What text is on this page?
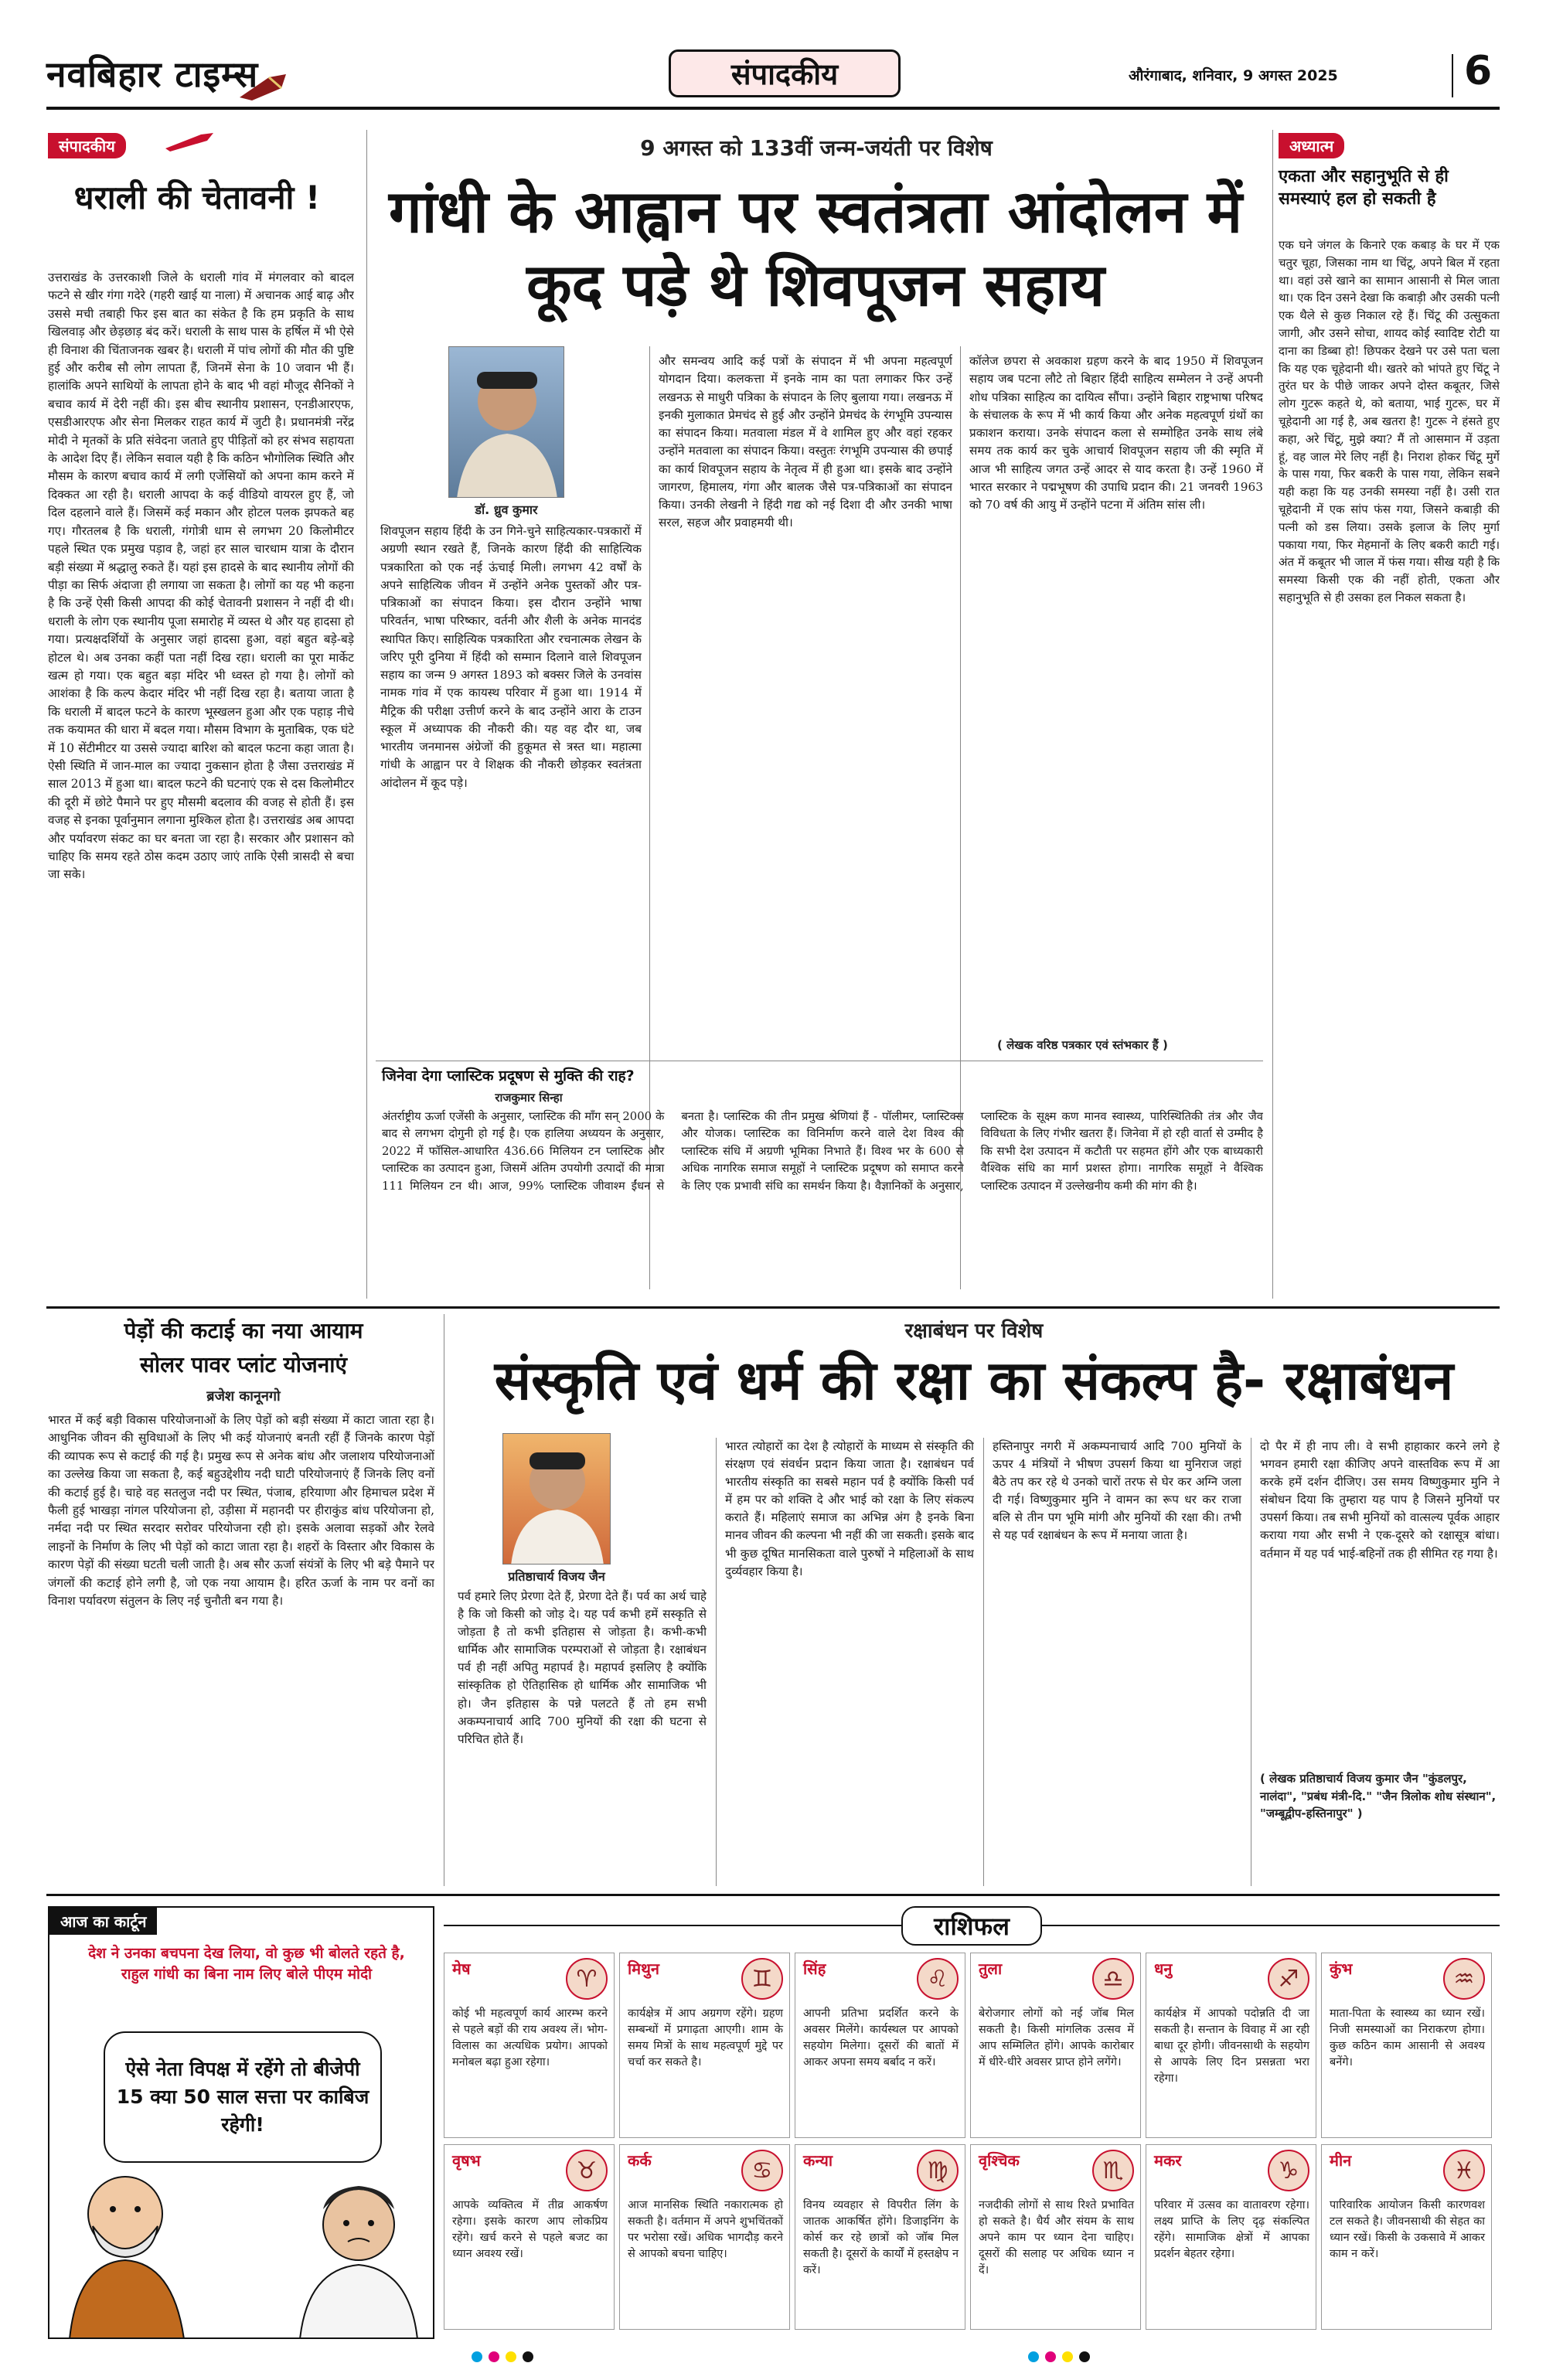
नवबिहार टाइम्स	संपादकीय	औरंगाबाद, शनिवार, 9 अगस्त 2025	6
संपादकीय
धराली की चेतावनी !
उत्तराखंड के उत्तरकाशी जिले के धराली गांव में मंगलवार को बादल फटने से खीर गंगा गदेरे (गहरी खाई या नाला) में अचानक आई बाढ़ और उससे मची तबाही फिर इस बात का संकेत है कि हम प्रकृति के साथ खिलवाड़ और छेड़छाड़ बंद करें। धराली के साथ पास के हर्षिल में भी ऐसे ही विनाश की चिंताजनक खबर है। धराली में पांच लोगों की मौत की पुष्टि हुई और करीब सौ लोग लापता हैं, जिनमें सेना के 10 जवान भी हैं। हालांकि अपने साथियों के लापता होने के बाद भी वहां मौजूद सैनिकों ने बचाव कार्य में देरी नहीं की। इस बीच स्थानीय प्रशासन, एनडीआरएफ, एसडीआरएफ और सेना मिलकर राहत कार्य में जुटी है। प्रधानमंत्री नरेंद्र मोदी ने मृतकों के प्रति संवेदना जताते हुए पीड़ितों को हर संभव सहायता के आदेश दिए हैं। लेकिन सवाल यही है कि कठिन भौगोलिक स्थिति और मौसम के कारण बचाव कार्य में लगी एजेंसियों को अपना काम करने में दिक्कत आ रही है। धराली आपदा के कई वीडियो वायरल हुए हैं, जो दिल दहलाने वाले हैं। जिसमें कई मकान और होटल पलक झपकते बह गए। गौरतलब है कि धराली, गंगोत्री धाम से लगभग 20 किलोमीटर पहले स्थित एक प्रमुख पड़ाव है, जहां हर साल चारधाम यात्रा के दौरान बड़ी संख्या में श्रद्धालु रुकते हैं। यहां इस हादसे के बाद स्थानीय लोगों की पीड़ा का सिर्फ अंदाजा ही लगाया जा सकता है। लोगों का यह भी कहना है कि उन्हें ऐसी किसी आपदा की कोई चेतावनी प्रशासन ने नहीं दी थी। धराली के लोग एक स्थानीय पूजा समारोह में व्यस्त थे और यह हादसा हो गया। प्रत्यक्षदर्शियों के अनुसार जहां हादसा हुआ, वहां बहुत बड़े-बड़े होटल थे। अब उनका कहीं पता नहीं दिख रहा। धराली का पूरा मार्केट खत्म हो गया। एक बहुत बड़ा मंदिर भी ध्वस्त हो गया है। लोगों को आशंका है कि कल्प केदार मंदिर भी नहीं दिख रहा है। बताया जाता है कि धराली में बादल फटने के कारण भूस्खलन हुआ और एक पहाड़ नीचे तक कयामत की धारा में बदल गया। मौसम विभाग के मुताबिक, एक घंटे में 10 सेंटीमीटर या उससे ज्यादा बारिश को बादल फटना कहा जाता है। ऐसी स्थिति में जान-माल का ज्यादा नुकसान होता है जैसा उत्तराखंड में साल 2013 में हुआ था। बादल फटने की घटनाएं एक से दस किलोमीटर की दूरी में छोटे पैमाने पर हुए मौसमी बदलाव की वजह से होती हैं। इस वजह से इनका पूर्वानुमान लगाना मुश्किल होता है। उत्तराखंड अब आपदा और पर्यावरण संकट का घर बनता जा रहा है। सरकार और प्रशासन को चाहिए कि समय रहते ठोस कदम उठाए जाएं ताकि ऐसी त्रासदी से बचा जा सके।
9 अगस्त को 133वीं जन्म-जयंती पर विशेष
गांधी के आह्वान पर स्वतंत्रता आंदोलन में कूद पड़े थे शिवपूजन सहाय
डॉ. ध्रुव कुमार
शिवपूजन सहाय हिंदी के उन गिने-चुने साहित्यकार-पत्रकारों में अग्रणी स्थान रखते हैं, जिनके कारण हिंदी की साहित्यिक पत्रकारिता को एक नई ऊंचाई मिली। लगभग 42 वर्षों के अपने साहित्यिक जीवन में उन्होंने अनेक पुस्तकों और पत्र-पत्रिकाओं का संपादन किया। इस दौरान उन्होंने भाषा परिवर्तन, भाषा परिष्कार, वर्तनी और शैली के अनेक मानदंड स्थापित किए। साहित्यिक पत्रकारिता और रचनात्मक लेखन के जरिए पूरी दुनिया में हिंदी को सम्मान दिलाने वाले शिवपूजन सहाय का जन्म 9 अगस्त 1893 को बक्सर जिले के उनवांस नामक गांव में एक कायस्थ परिवार में हुआ था। 1914 में मैट्रिक की परीक्षा उत्तीर्ण करने के बाद उन्होंने आरा के टाउन स्कूल में अध्यापक की नौकरी की। यह वह दौर था, जब भारतीय जनमानस अंग्रेजों की हुकूमत से त्रस्त था। महात्मा गांधी के आह्वान पर वे शिक्षक की नौकरी छोड़कर स्वतंत्रता आंदोलन में कूद पड़े।
और समन्वय आदि कई पत्रों के संपादन में भी अपना महत्वपूर्ण योगदान दिया। कलकत्ता में इनके नाम का पता लगाकर फिर उन्हें लखनऊ से माधुरी पत्रिका के संपादन के लिए बुलाया गया। लखनऊ में इनकी मुलाकात प्रेमचंद से हुई और उन्होंने प्रेमचंद के रंगभूमि उपन्यास का संपादन किया। मतवाला मंडल में वे शामिल हुए और वहां रहकर उन्होंने मतवाला का संपादन किया। वस्तुतः रंगभूमि उपन्यास की छपाई का कार्य शिवपूजन सहाय के नेतृत्व में ही हुआ था। इसके बाद उन्होंने जागरण, हिमालय, गंगा और बालक जैसे पत्र-पत्रिकाओं का संपादन किया। उनकी लेखनी ने हिंदी गद्य को नई दिशा दी और उनकी भाषा सरल, सहज और प्रवाहमयी थी।
कॉलेज छपरा से अवकाश ग्रहण करने के बाद 1950 में शिवपूजन सहाय जब पटना लौटे तो बिहार हिंदी साहित्य सम्मेलन ने उन्हें अपनी शोध पत्रिका साहित्य का दायित्व सौंपा। उन्होंने बिहार राष्ट्रभाषा परिषद के संचालक के रूप में भी कार्य किया और अनेक महत्वपूर्ण ग्रंथों का प्रकाशन कराया। उनके संपादन कला से सम्मोहित उनके साथ लंबे समय तक कार्य कर चुके आचार्य शिवपूजन सहाय जी की स्मृति में आज भी साहित्य जगत उन्हें आदर से याद करता है। उन्हें 1960 में भारत सरकार ने पद्मभूषण की उपाधि प्रदान की। 21 जनवरी 1963 को 70 वर्ष की आयु में उन्होंने पटना में अंतिम सांस ली।
( लेखक वरिष्ठ पत्रकार एवं स्तंभकार हैं )
जिनेवा देगा प्लास्टिक प्रदूषण से मुक्ति की राह?
राजकुमार सिन्हा
अंतर्राष्ट्रीय ऊर्जा एजेंसी के अनुसार, प्लास्टिक की माँग सन् 2000 के बाद से लगभग दोगुनी हो गई है। एक हालिया अध्ययन के अनुसार, 2022 में फॉसिल-आधारित 436.66 मिलियन टन प्लास्टिक और प्लास्टिक का उत्पादन हुआ, जिसमें अंतिम उपयोगी उत्पादों की मात्रा 111 मिलियन टन थी। आज, 99% प्लास्टिक जीवाश्म ईंधन से बनता है। प्लास्टिक की तीन प्रमुख श्रेणियां हैं - पॉलीमर, प्लास्टिक्स और योजक। प्लास्टिक का विनिर्माण करने वाले देश विश्व की प्लास्टिक संधि में अग्रणी भूमिका निभाते हैं। विश्व भर के 600 से अधिक नागरिक समाज समूहों ने प्लास्टिक प्रदूषण को समाप्त करने के लिए एक प्रभावी संधि का समर्थन किया है। वैज्ञानिकों के अनुसार, प्लास्टिक के सूक्ष्म कण मानव स्वास्थ्य, पारिस्थितिकी तंत्र और जैव विविधता के लिए गंभीर खतरा हैं। जिनेवा में हो रही वार्ता से उम्मीद है कि सभी देश उत्पादन में कटौती पर सहमत होंगे और एक बाध्यकारी वैश्विक संधि का मार्ग प्रशस्त होगा। नागरिक समूहों ने वैश्विक प्लास्टिक उत्पादन में उल्लेखनीय कमी की मांग की है।
अध्यात्म
एकता और सहानुभूति से ही समस्याएं हल हो सकती है
एक घने जंगल के किनारे एक कबाड़ के घर में एक चतुर चूहा, जिसका नाम था चिंटू, अपने बिल में रहता था। वहां उसे खाने का सामान आसानी से मिल जाता था। एक दिन उसने देखा कि कबाड़ी और उसकी पत्नी एक थैले से कुछ निकाल रहे हैं। चिंटू की उत्सुकता जागी, और उसने सोचा, शायद कोई स्वादिष्ट रोटी या दाना का डिब्बा हो! छिपकर देखने पर उसे पता चला कि यह एक चूहेदानी थी। खतरे को भांपते हुए चिंटू ने तुरंत घर के पीछे जाकर अपने दोस्त कबूतर, जिसे लोग गुटरू कहते थे, को बताया, भाई गुटरू, घर में चूहेदानी आ गई है, अब खतरा है! गुटरू ने हंसते हुए कहा, अरे चिंटू, मुझे क्या? मैं तो आसमान में उड़ता हूं, वह जाल मेरे लिए नहीं है। निराश होकर चिंटू मुर्गे के पास गया, फिर बकरी के पास गया, लेकिन सबने यही कहा कि यह उनकी समस्या नहीं है। उसी रात चूहेदानी में एक सांप फंस गया, जिसने कबाड़ी की पत्नी को डस लिया। उसके इलाज के लिए मुर्गा पकाया गया, फिर मेहमानों के लिए बकरी काटी गई। अंत में कबूतर भी जाल में फंस गया। सीख यही है कि समस्या किसी एक की नहीं होती, एकता और सहानुभूति से ही उसका हल निकल सकता है।
पेड़ों की कटाई का नया आयाम
सोलर पावर प्लांट योजनाएं
ब्रजेश कानूनगो
भारत में कई बड़ी विकास परियोजनाओं के लिए पेड़ों को बड़ी संख्या में काटा जाता रहा है। आधुनिक जीवन की सुविधाओं के लिए भी कई योजनाएं बनती रहीं हैं जिनके कारण पेड़ों की व्यापक रूप से कटाई की गई है। प्रमुख रूप से अनेक बांध और जलाशय परियोजनाओं का उल्लेख किया जा सकता है, कई बहुउद्देशीय नदी घाटी परियोजनाएं हैं जिनके लिए वनों की कटाई हुई है। चाहे वह सतलुज नदी पर स्थित, पंजाब, हरियाणा और हिमाचल प्रदेश में फैली हुई भाखड़ा नांगल परियोजना हो, उड़ीसा में महानदी पर हीराकुंड बांध परियोजना हो, नर्मदा नदी पर स्थित सरदार सरोवर परियोजना रही हो। इसके अलावा सड़कों और रेलवे लाइनों के निर्माण के लिए भी पेड़ों को काटा जाता रहा है। शहरों के विस्तार और विकास के कारण पेड़ों की संख्या घटती चली जाती है। अब सौर ऊर्जा संयंत्रों के लिए भी बड़े पैमाने पर जंगलों की कटाई होने लगी है, जो एक नया आयाम है। हरित ऊर्जा के नाम पर वनों का विनाश पर्यावरण संतुलन के लिए नई चुनौती बन गया है।
रक्षाबंधन पर विशेष
संस्कृति एवं धर्म की रक्षा का संकल्प है- रक्षाबंधन
प्रतिष्ठाचार्य विजय जैन
पर्व हमारे लिए प्रेरणा देते हैं, प्रेरणा देते हैं। पर्व का अर्थ चाहे है कि जो किसी को जोड़ दे। यह पर्व कभी हमें सस्कृति से जोड़ता है तो कभी इतिहास से जोड़ता है। कभी-कभी धार्मिक और सामाजिक परम्पराओं से जोड़ता है। रक्षाबंधन पर्व ही नहीं अपितु महापर्व है। महापर्व इसलिए है क्योंकि सांस्कृतिक हो ऐतिहासिक हो धार्मिक और सामाजिक भी हो। जैन इतिहास के पन्ने पलटते हैं तो हम सभी अकम्पनाचार्य आदि 700 मुनियों की रक्षा की घटना से परिचित होते हैं।
भारत त्योहारों का देश है त्योहारों के माध्यम से संस्कृति की संरक्षण एवं संवर्धन प्रदान किया जाता है। रक्षाबंधन पर्व भारतीय संस्कृति का सबसे महान पर्व है क्योंकि किसी पर्व में हम पर को शक्ति दे और भाई को रक्षा के लिए संकल्प कराते हैं। महिलाएं समाज का अभिन्न अंग है इनके बिना मानव जीवन की कल्पना भी नहीं की जा सकती। इसके बाद भी कुछ दूषित मानसिकता वाले पुरुषों ने महिलाओं के साथ दुर्व्यवहार किया है।
हस्तिनापुर नगरी में अकम्पनाचार्य आदि 700 मुनियों के ऊपर 4 मंत्रियों ने भीषण उपसर्ग किया था मुनिराज जहां बैठे तप कर रहे थे उनको चारों तरफ से घेर कर अग्नि जला दी गई। विष्णुकुमार मुनि ने वामन का रूप धर कर राजा बलि से तीन पग भूमि मांगी और मुनियों की रक्षा की। तभी से यह पर्व रक्षाबंधन के रूप में मनाया जाता है।
दो पैर में ही नाप ली। वे सभी हाहाकार करने लगे हे भगवन हमारी रक्षा कीजिए अपने वास्तविक रूप में आ करके हमें दर्शन दीजिए। उस समय विष्णुकुमार मुनि ने संबोधन दिया कि तुम्हारा यह पाप है जिसने मुनियों पर उपसर्ग किया। तब सभी मुनियों को वात्सल्य पूर्वक आहार कराया गया और सभी ने एक-दूसरे को रक्षासूत्र बांधा। वर्तमान में यह पर्व भाई-बहिनों तक ही सीमित रह गया है।
( लेखक प्रतिष्ठाचार्य विजय कुमार जैन "कुंडलपुर, नालंदा", "प्रबंध मंत्री-दि." "जैन त्रिलोक शोध संस्थान", "जम्बूद्वीप-हस्तिनापुर" )
आज का कार्टून
देश ने उनका बचपना देख लिया, वो कुछ भी बोलते रहते है, राहुल गांधी का बिना नाम लिए बोले पीएम मोदी
ऐसे नेता विपक्ष में रहेंगे तो बीजेपी 15 क्या 50 साल सत्ता पर काबिज रहेगी!
राशिफल
मेष	♈
कोई भी महत्वपूर्ण कार्य आरम्भ करने से पहले बड़ों की राय अवश्य लें। भोग-विलास का अत्यधिक प्रयोग। आपको मनोबल बढ़ा हुआ रहेगा।
मिथुन	♊
कार्यक्षेत्र में आप अग्रगण रहेंगे। ग्रहण सम्बन्धों में प्रगाढ़ता आएगी। शाम के समय मित्रों के साथ महत्वपूर्ण मुद्दे पर चर्चा कर सकते है।
सिंह	♌
आपनी प्रतिभा प्रदर्शित करने के अवसर मिलेंगे। कार्यस्थल पर आपको सहयोग मिलेगा। दूसरों की बातों में आकर अपना समय बर्बाद न करें।
तुला	♎
बेरोजगार लोगों को नई जॉब मिल सकती है। किसी मांगलिक उत्सव में आप सम्मिलित होंगे। आपके कारोबार में धीरे-धीरे अवसर प्राप्त होने लगेंगे।
धनु	♐
कार्यक्षेत्र में आपको पदोन्नति दी जा सकती है। सन्तान के विवाह में आ रही बाधा दूर होगी। जीवनसाथी के सहयोग से आपके लिए दिन प्रसन्नता भरा रहेगा।
कुंभ	♒
माता-पिता के स्वास्थ्य का ध्यान रखें। निजी समस्याओं का निराकरण होगा। कुछ कठिन काम आसानी से अवश्य बनेंगे।
वृषभ	♉
आपके व्यक्तित्व में तीव्र आकर्षण रहेगा। इसके कारण आप लोकप्रिय रहेंगे। खर्च करने से पहले बजट का ध्यान अवश्य रखें।
कर्क	♋
आज मानसिक स्थिति नकारात्मक हो सकती है। वर्तमान में अपने शुभचिंतकों पर भरोसा रखें। अधिक भागदौड़ करने से आपको बचना चाहिए।
कन्या	♍
विनय व्यवहार से विपरीत लिंग के जातक आकर्षित होंगे। डिजाइनिंग के कोर्स कर रहे छात्रों को जॉब मिल सकती है। दूसरों के कार्यों में हस्तक्षेप न करें।
वृश्चिक	♏
नजदीकी लोगों से साथ रिश्ते प्रभावित हो सकते है। धैर्य और संयम के साथ अपने काम पर ध्यान देना चाहिए। दूसरों की सलाह पर अधिक ध्यान न दें।
मकर	♑
परिवार में उत्सव का वातावरण रहेगा। लक्ष्य प्राप्ति के लिए दृढ़ संकल्पित रहेंगे। सामाजिक क्षेत्रों में आपका प्रदर्शन बेहतर रहेगा।
मीन	♓
पारिवारिक आयोजन किसी कारणवश टल सकते है। जीवनसाथी की सेहत का ध्यान रखें। किसी के उकसावे में आकर काम न करें।
